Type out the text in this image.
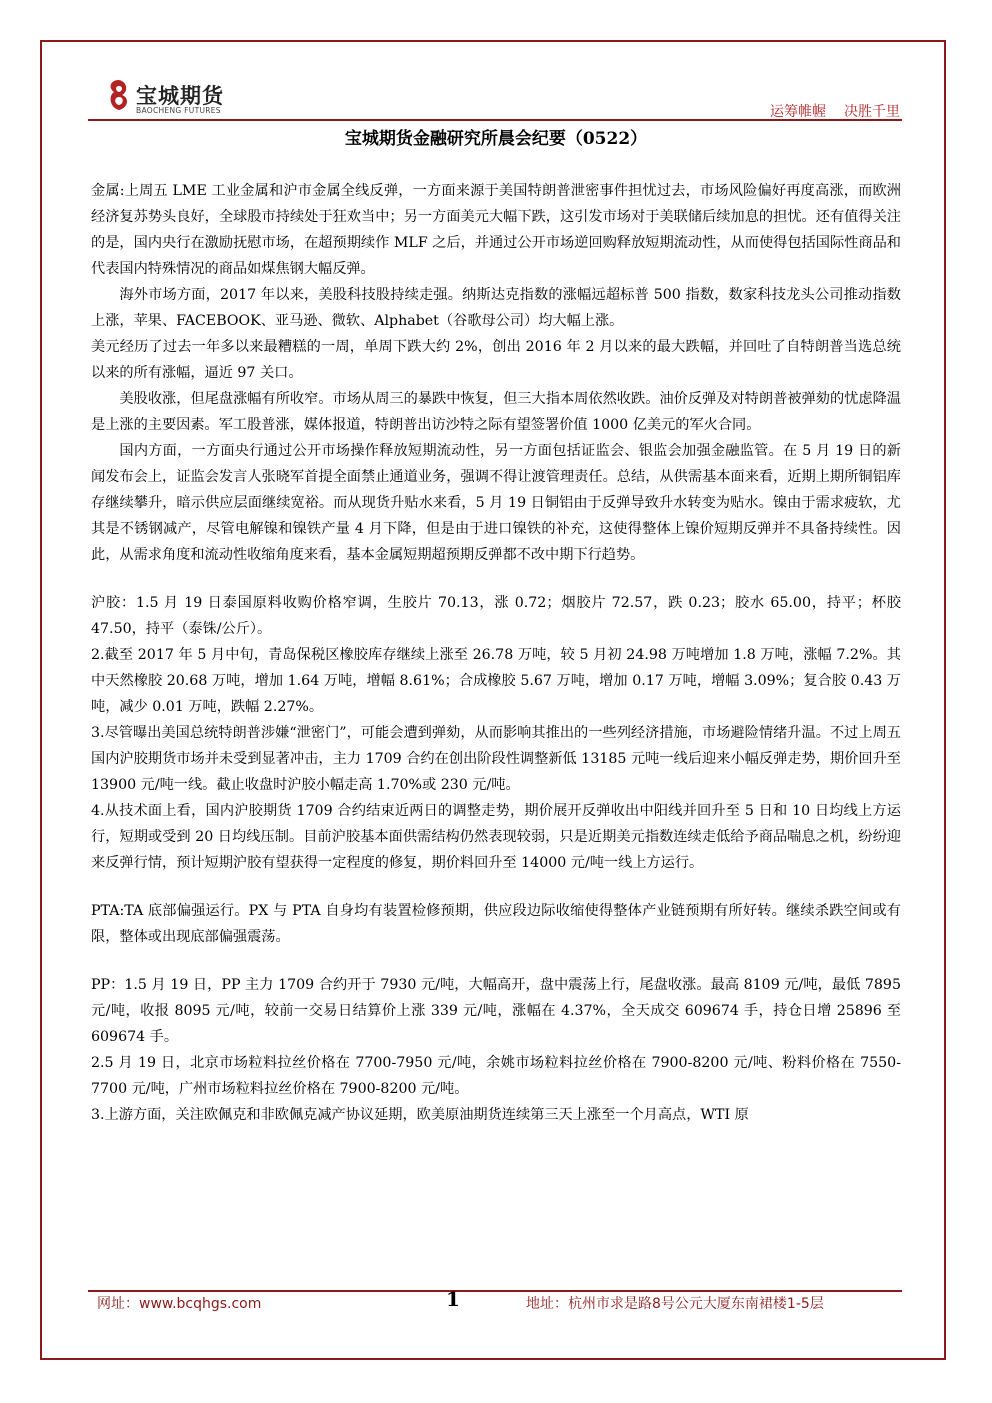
宝城期货
BAOCHENG FUTURES	运筹帷幄 决胜千里
宝城期货金融研究所晨会纪要（0522）

金属:上周五 LME 工业金属和沪市金属全线反弹，一方面来源于美国特朗普泄密事件担忧过去，市场风险偏好再度高涨，而欧洲经济复苏势头良好，全球股市持续处于狂欢当中；另一方面美元大幅下跌，这引发市场对于美联储后续加息的担忧。还有值得关注的是，国内央行在激励抚慰市场，在超预期续作 MLF 之后，并通过公开市场逆回购释放短期流动性，从而使得包括国际性商品和代表国内特殊情况的商品如煤焦钢大幅反弹。

海外市场方面，2017 年以来，美股科技股持续走强。纳斯达克指数的涨幅远超标普 500 指数，数家科技龙头公司推动指数上涨，苹果、FACEBOOK、亚马逊、微软、Alphabet（谷歌母公司）均大幅上涨。

美元经历了过去一年多以来最糟糕的一周，单周下跌大约 2%，创出 2016 年 2 月以来的最大跌幅，并回吐了自特朗普当选总统以来的所有涨幅，逼近 97 关口。

美股收涨，但尾盘涨幅有所收窄。市场从周三的暴跌中恢复，但三大指本周依然收跌。油价反弹及对特朗普被弹劾的忧虑降温是上涨的主要因素。军工股普涨，媒体报道，特朗普出访沙特之际有望签署价值 1000 亿美元的军火合同。

国内方面，一方面央行通过公开市场操作释放短期流动性，另一方面包括证监会、银监会加强金融监管。在 5 月 19 日的新闻发布会上，证监会发言人张晓军首提全面禁止通道业务，强调不得让渡管理责任。总结，从供需基本面来看，近期上期所铜铝库存继续攀升，暗示供应层面继续宽裕。而从现货升贴水来看，5 月 19 日铜铝由于反弹导致升水转变为贴水。镍由于需求疲软，尤其是不锈钢减产，尽管电解镍和镍铁产量 4 月下降，但是由于进口镍铁的补充，这使得整体上镍价短期反弹并不具备持续性。因此，从需求角度和流动性收缩角度来看，基本金属短期超预期反弹都不改中期下行趋势。

沪胶：1.5 月 19 日泰国原料收购价格窄调，生胶片 70.13，涨 0.72；烟胶片 72.57，跌 0.23；胶水 65.00，持平；杯胶 47.50，持平（泰铢/公斤）。

2.截至 2017 年 5 月中旬，青岛保税区橡胶库存继续上涨至 26.78 万吨，较 5 月初 24.98 万吨增加 1.8 万吨，涨幅 7.2%。其中天然橡胶 20.68 万吨，增加 1.64 万吨，增幅 8.61%；合成橡胶 5.67 万吨，增加 0.17 万吨，增幅 3.09%；复合胶 0.43 万吨，减少 0.01 万吨，跌幅 2.27%。

3.尽管曝出美国总统特朗普涉嫌“泄密门”，可能会遭到弹劾，从而影响其推出的一些列经济措施，市场避险情绪升温。不过上周五国内沪胶期货市场并未受到显著冲击，主力 1709 合约在创出阶段性调整新低 13185 元吨一线后迎来小幅反弹走势，期价回升至 13900 元/吨一线。截止收盘时沪胶小幅走高 1.70%或 230 元/吨。

4.从技术面上看，国内沪胶期货 1709 合约结束近两日的调整走势，期价展开反弹收出中阳线并回升至 5 日和 10 日均线上方运行，短期或受到 20 日均线压制。目前沪胶基本面供需结构仍然表现较弱，只是近期美元指数连续走低给予商品喘息之机，纷纷迎来反弹行情，预计短期沪胶有望获得一定程度的修复，期价料回升至 14000 元/吨一线上方运行。

PTA:TA 底部偏强运行。PX 与 PTA 自身均有装置检修预期，供应段边际收缩使得整体产业链预期有所好转。继续杀跌空间或有限，整体或出现底部偏强震荡。

PP：1.5 月 19 日，PP 主力 1709 合约开于 7930 元/吨，大幅高开，盘中震荡上行，尾盘收涨。最高 8109 元/吨，最低 7895 元/吨，收报 8095 元/吨，较前一交易日结算价上涨 339 元/吨，涨幅在 4.37%，全天成交 609674 手，持仓日增 25896 至 609674 手。

2.5 月 19 日，北京市场粒料拉丝价格在 7700-7950 元/吨，余姚市场粒料拉丝价格在 7900-8200 元/吨、粉料价格在 7550-7700 元/吨，广州市场粒料拉丝价格在 7900-8200 元/吨。

3.上游方面，关注欧佩克和非欧佩克减产协议延期，欧美原油期货连续第三天上涨至一个月高点，WTI 原

网址：www.bcqhgs.com	1	地址：杭州市求是路8号公元大厦东南裙楼1-5层
